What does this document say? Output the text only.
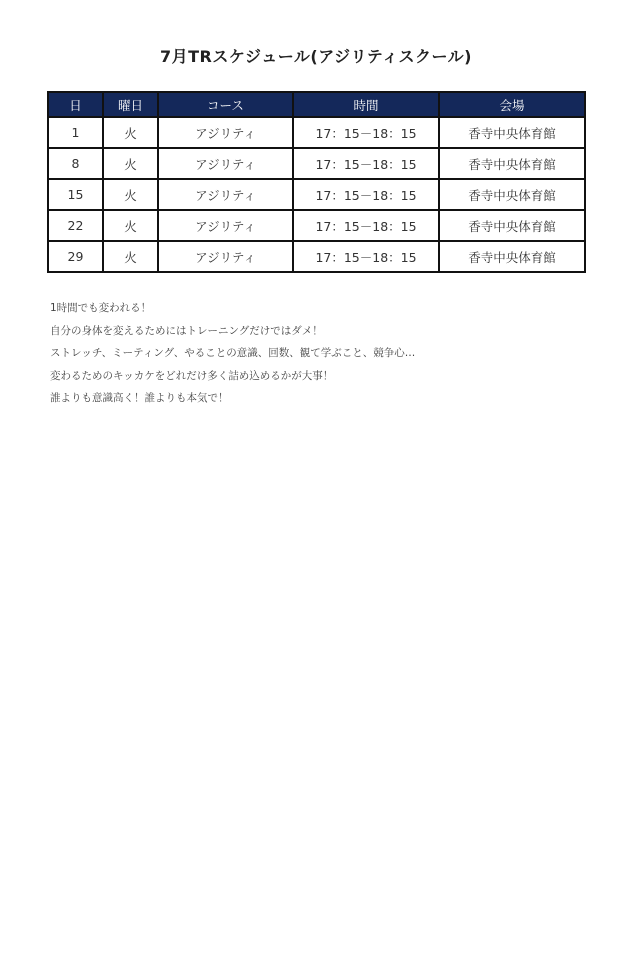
7月TRスケジュール(アジリティスクール)
日	曜日	コース	時間	会場
1	火	アジリティ	17：15－18：15	香寺中央体育館
8	火	アジリティ	17：15－18：15	香寺中央体育館
15	火	アジリティ	17：15－18：15	香寺中央体育館
22	火	アジリティ	17：15－18：15	香寺中央体育館
29	火	アジリティ	17：15－18：15	香寺中央体育館
1時間でも変われる！
自分の身体を変えるためにはトレーニングだけではダメ！
ストレッチ、ミーティング、やることの意識、回数、観て学ぶこと、競争心…
変わるためのキッカケをどれだけ多く詰め込めるかが大事！
誰よりも意識高く！誰よりも本気で！
